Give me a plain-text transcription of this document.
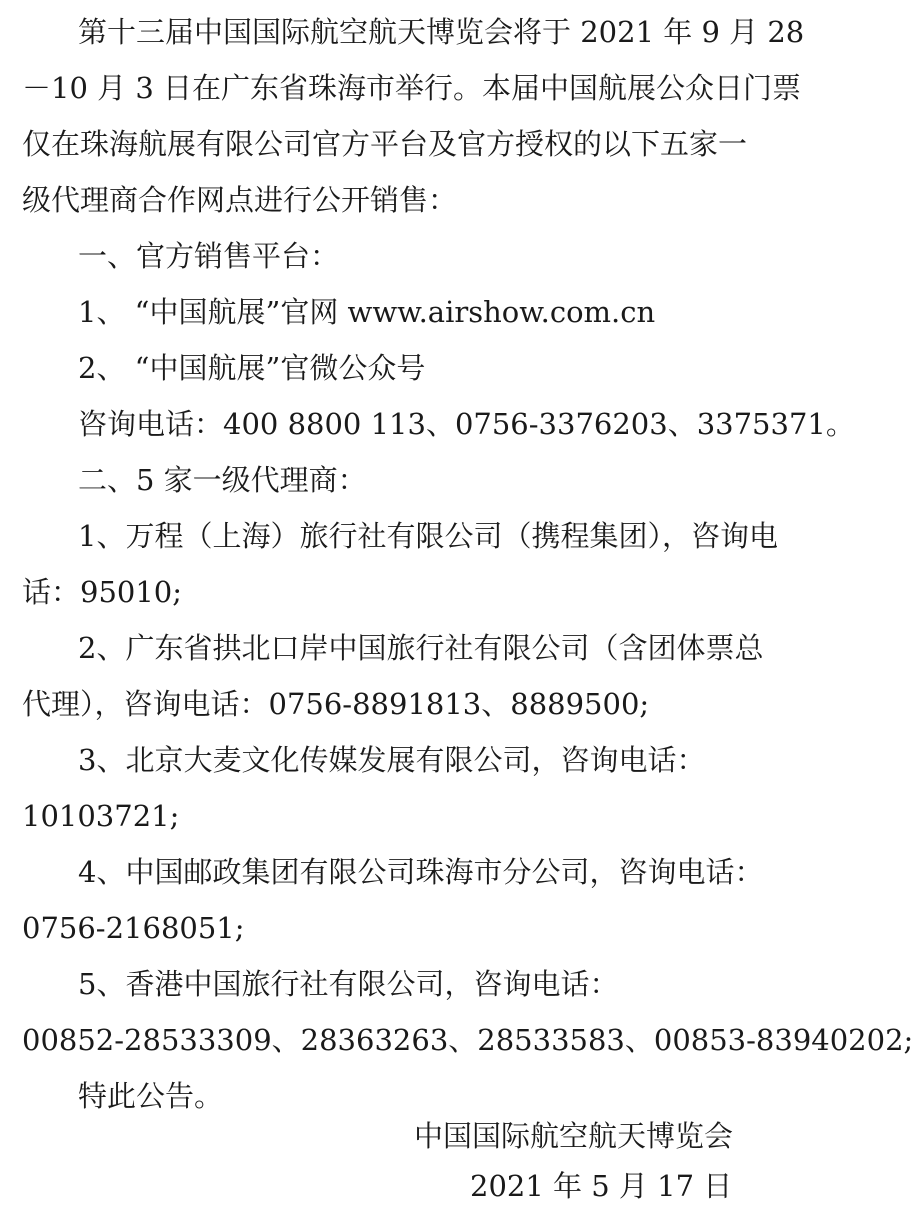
第十三届中国国际航空航天博览会将于 2021 年 9 月 28
－10 月 3 日在广东省珠海市举行。本届中国航展公众日门票
仅在珠海航展有限公司官方平台及官方授权的以下五家一
级代理商合作网点进行公开销售：
一、官方销售平台：
1、 “中国航展”官网 www.airshow.com.cn
2、 “中国航展”官微公众号
咨询电话：400 8800 113、0756-3376203、3375371。
二、5 家一级代理商：
1、万程（上海）旅行社有限公司（携程集团），咨询电
话：95010;
2、广东省拱北口岸中国旅行社有限公司（含团体票总
代理），咨询电话：0756-8891813、8889500;
3、北京大麦文化传媒发展有限公司，咨询电话：
10103721;
4、中国邮政集团有限公司珠海市分公司，咨询电话：
0756-2168051;
5、香港中国旅行社有限公司，咨询电话：
00852-28533309、28363263、28533583、00853-83940202;
特此公告。
中国国际航空航天博览会
2021 年 5 月 17 日
